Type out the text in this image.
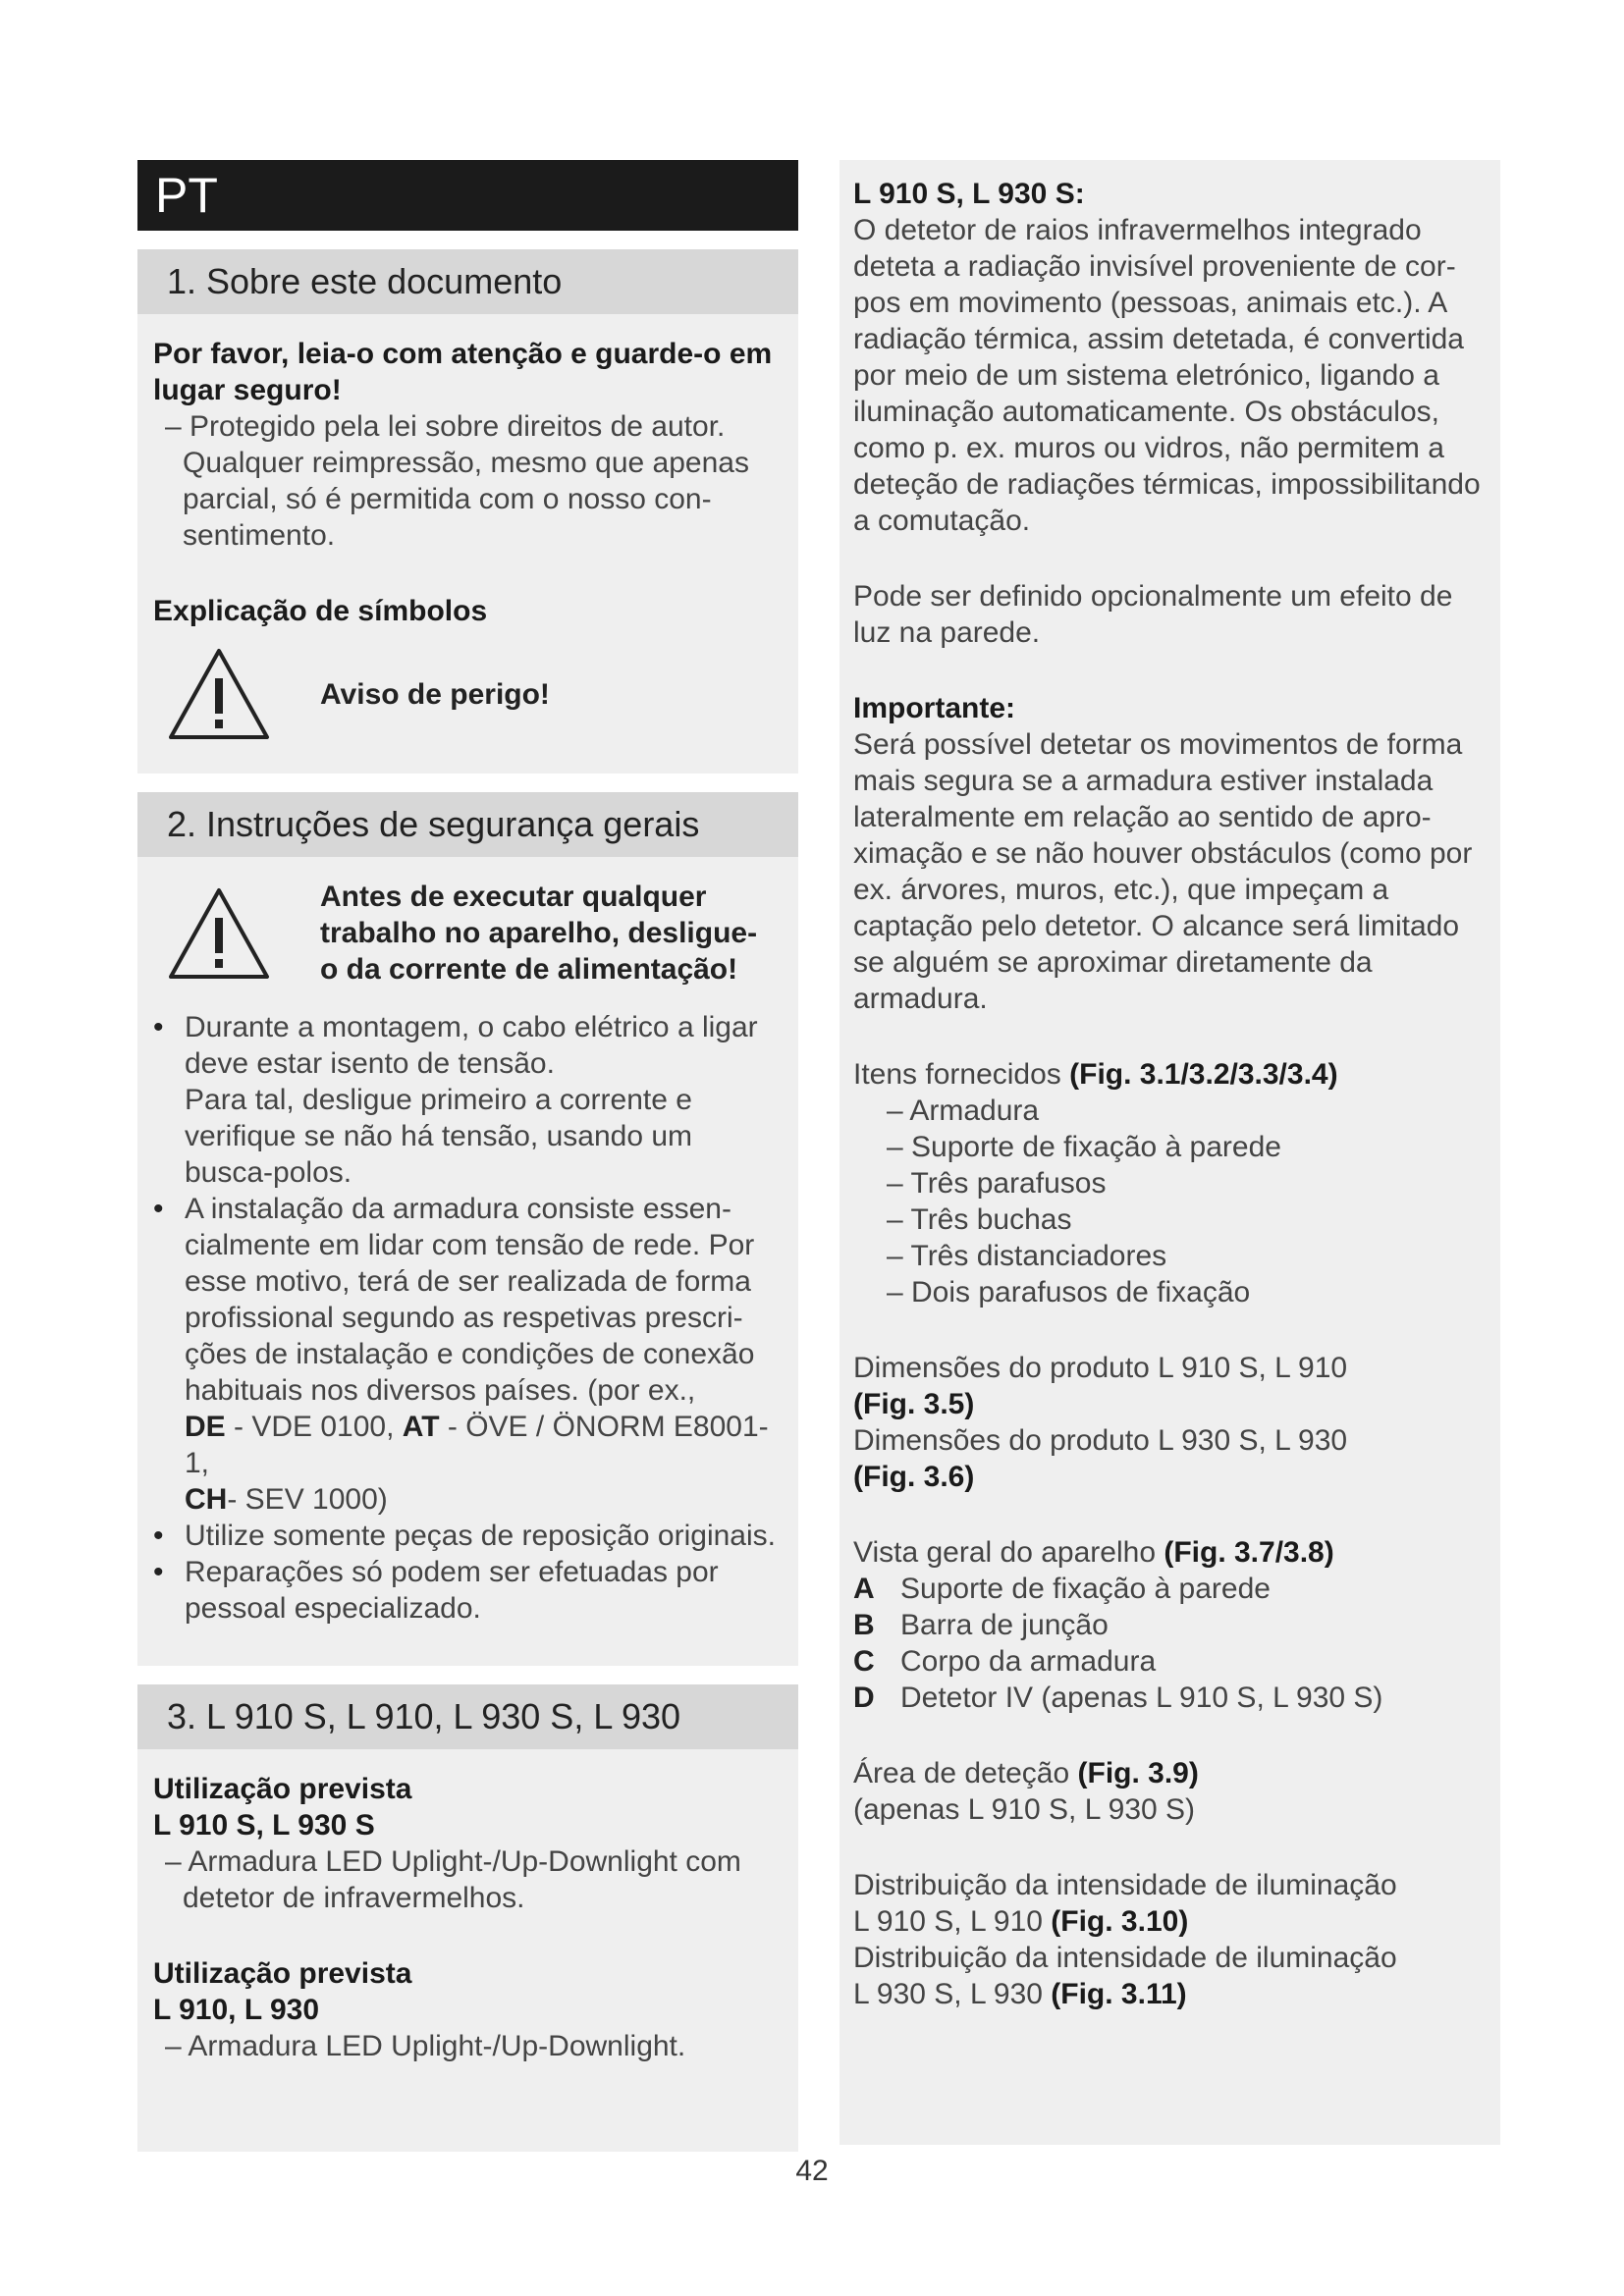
PT
1. Sobre este documento
Por favor, leia-o com atenção e guarde-o em lugar seguro!
– Protegido pela lei sobre direitos de autor. Qualquer reimpressão, mesmo que apenas parcial, só é permitida com o nosso con-sentimento.
Explicação de símbolos
Aviso de perigo!
2. Instruções de segurança gerais
Antes de executar qualquer trabalho no aparelho, desligue-o da corrente de alimentação!
• Durante a montagem, o cabo elétrico a ligar deve estar isento de tensão.
Para tal, desligue primeiro a corrente e verifique se não há tensão, usando um busca-polos.
• A instalação da armadura consiste essen-cialmente em lidar com tensão de rede. Por esse motivo, terá de ser realizada de forma profissional segundo as respetivas prescri-ções de instalação e condições de conexão habituais nos diversos países. (por ex.,
DE - VDE 0100, AT - ÖVE / ÖNORM E8001-1,
CH- SEV 1000)
• Utilize somente peças de reposição originais.
• Reparações só podem ser efetuadas por pessoal especializado.
3. L 910 S, L 910, L 930 S, L 930
Utilização prevista
L 910 S, L 930 S
– Armadura LED Uplight-/Up-Downlight com detetor de infravermelhos.
Utilização prevista
L 910, L 930
– Armadura LED Uplight-/Up-Downlight.
L 910 S, L 930 S:
O detetor de raios infravermelhos integrado deteta a radiação invisível proveniente de cor-pos em movimento (pessoas, animais etc.). A radiação térmica, assim detetada, é convertida por meio de um sistema eletrónico, ligando a iluminação automaticamente. Os obstáculos, como p. ex. muros ou vidros, não permitem a deteção de radiações térmicas, impossibilitando a comutação.
Pode ser definido opcionalmente um efeito de luz na parede.
Importante:
Será possível detetar os movimentos de forma mais segura se a armadura estiver instalada lateralmente em relação ao sentido de apro-ximação e se não houver obstáculos (como por ex. árvores, muros, etc.), que impeçam a captação pelo detetor. O alcance será limitado se alguém se aproximar diretamente da armadura.
Itens fornecidos (Fig. 3.1/3.2/3.3/3.4)
– Armadura
– Suporte de fixação à parede
– Três parafusos
– Três buchas
– Três distanciadores
– Dois parafusos de fixação
Dimensões do produto L 910 S, L 910
(Fig. 3.5)
Dimensões do produto L 930 S, L 930
(Fig. 3.6)
Vista geral do aparelho (Fig. 3.7/3.8)
A Suporte de fixação à parede
B Barra de junção
C Corpo da armadura
D Detetor IV (apenas L 910 S, L 930 S)
Área de deteção (Fig. 3.9)
(apenas L 910 S, L 930 S)
Distribuição da intensidade de iluminação
L 910 S, L 910 (Fig. 3.10)
Distribuição da intensidade de iluminação
L 930 S, L 930 (Fig. 3.11)
42
